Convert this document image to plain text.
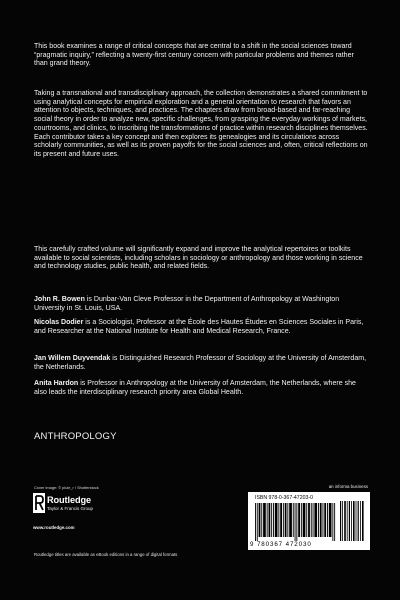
This book examines a range of critical concepts that are central to a shift in the social sciences toward “pragmatic inquiry,” reflecting a twenty-first century concern with particular problems and themes rather than grand theory.

Taking a transnational and transdisciplinary approach, the collection demonstrates a shared commitment to using analytical concepts for empirical exploration and a general orientation to research that favors an attention to objects, techniques, and practices. The chapters draw from broad-based and far-reaching social theory in order to analyze new, specific challenges, from grasping the everyday workings of markets, courtrooms, and clinics, to inscribing the transformations of practice within research disciplines themselves. Each contributor takes a key concept and then explores its genealogies and its circulations across scholarly communities, as well as its proven payoffs for the social sciences and, often, critical reflections on its present and future uses.

This carefully crafted volume will significantly expand and improve the analytical repertoires or toolkits available to social scientists, including scholars in sociology or anthropology and those working in science and technology studies, public health, and related fields.

John R. Bowen is Dunbar-Van Cleve Professor in the Department of Anthropology at Washington University in St. Louis, USA.

Nicolas Dodier is a Sociologist, Professor at the École des Hautes Études en Sciences Sociales in Paris, and Researcher at the National Institute for Health and Medical Research, France.

Jan Willem Duyvendak is Distinguished Research Professor of Sociology at the University of Amsterdam, the Netherlands.

Anita Hardon is Professor in Anthropology at the University of Amsterdam, the Netherlands, where she also leads the interdisciplinary research priority area Global Health.

ANTHROPOLOGY
Cover image: © pluie_r / Shutterstock
Routledge
Taylor & Francis Group
www.routledge.com
an informa business
ISBN 978-0-367-47203-0
9 780367 472030
Routledge titles are available as eBook editions in a range of digital formats
